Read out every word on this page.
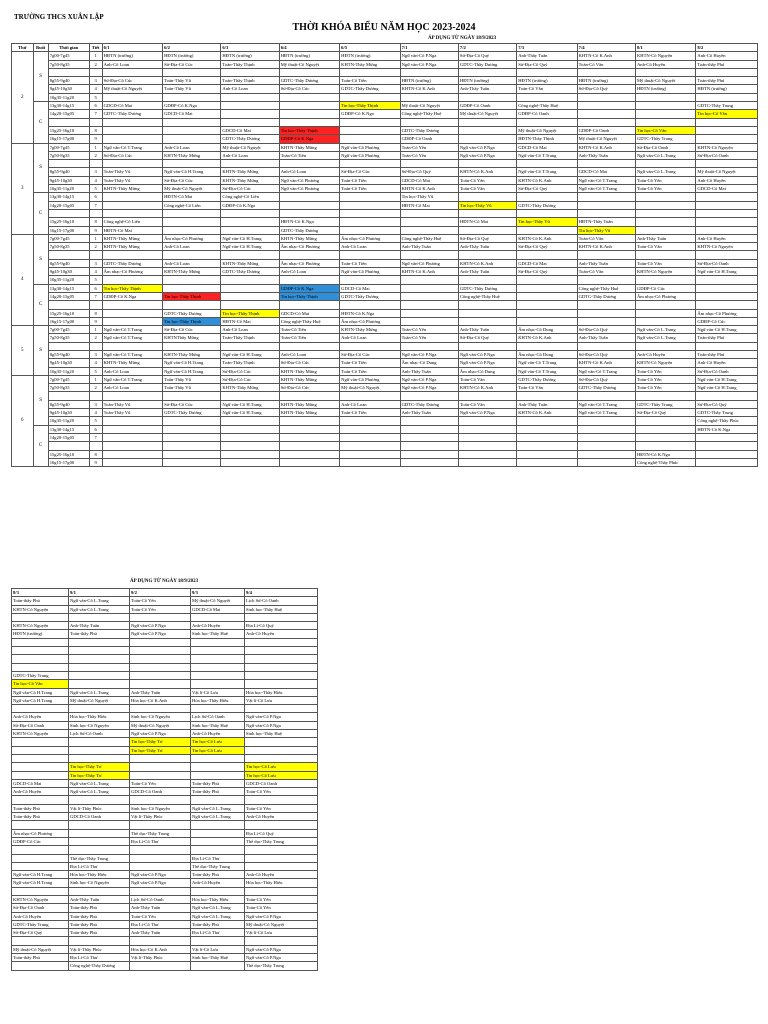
TRƯỜNG THCS XUÂN LẬP
THỜI KHÓA BIỂU NĂM HỌC 2023-2024
ÁP DỤNG TỪ NGÀY 18/9/2023
ÁP DỤNG TỪ NGÀY 18/9/2023
Thứ	Buổi	Thời gian	Tiết	6/1	6/2	6/3	6/4	6/5	7/1	7/2	7/3	7/4	8/1	8/2
2	S	7g00-7g45	1	HĐTN (trường)	HĐTN (trường)	HĐTN (trường)	HĐTN (trường)	HĐTN (trường)	Ngữ văn-Cô P.Nga	Sử-Địa-Cô Quý	Anh-Thầy Tuấn	KHTN-Cô K.Anh	KHTN-Cô Nguyện	Anh-Cô Huyền
		7g50-8g35	2	Anh-Cô Loan	Sử-Địa-Cô Cúc	Toán-Thầy Thịnh	Mỹ thuật-Cô Nguyệt	KHTN-Thầy Mừng	Ngữ văn-Cô P.Nga	GDTC-Thầy Dương	Sử-Địa-Cô Quý	Toán-Cô Vân	Anh-Cô Huyền	Toán-thầy Phú

		8g55-9g40	3	Sử-Địa-Cô Cúc	Toán-Thầy Vũ	Toán-Thầy Thịnh	GDTC-Thầy Dương	Toán-Cô Tiên	HĐTN (trường)	HĐTN (trường)	HĐTN (trường)	HĐTN (trường)	Mỹ thuật-Cô Nguyệt	Toán-thầy Phú
		9g45-10g30	4	Mỹ thuật-Cô Nguyệt	Toán-Thầy Vũ	Anh-Cô Loan	Sử-Địa-Cô Cúc	GDTC-Thầy Dương	KHTN-Cô K.Anh	Anh-Thầy Tuấn	Toán-Cô Vân	Sử-Địa-Cô Quý	HĐTN (trường)	HĐTN (trường)
		10g35-11g20	5											
	C	13g30-14g15	6	GDCD-Cô Mai	GDĐP-Cô K.Nga			Tin học-Thầy Thịnh	Mỹ thuật-Cô Nguyệt	GDĐP-Cô Oanh	Công nghệ-Thầy Huệ			GDTC-Thầy Trung
		14g20-15g05	7	GDTC-Thầy Dương	GDCD-Cô Mai			GDĐP-Cô K.Nga	Công nghệ-Thầy Huệ	Mỹ thuật-Cô Nguyệt	GDĐP-Cô Oanh			Tin học-Cô Vân

		15g25-16g10	8			GDCD-Cô Mai	Tin học-Thầy Thịnh		GDTC-Thầy Dương		Mỹ thuật-Cô Nguyệt	GDĐP-Cô Oanh	Tin học-Cô Vân	
		16g15-17g00	9			GDTC-Thầy Dương	GDĐP-Cô K.Nga		GDĐP-Cô Oanh		HĐTN-Thầy Thịnh	Mỹ thuật-Cô Nguyệt	GDTC-Thầy Trung	
3	S	7g00-7g45	1	Ngữ văn-Cô T.Trang	Anh-Cô Loan	Mỹ thuật-Cô Nguyệt	KHTN-Thầy Mừng	Ngữ văn-Cô Phương	Toán-Cô Yến	Ngữ văn-Cô P.Nga	GDCD-Cô Mai	KHTN-Cô K.Anh	Sử-Địa-Cô Oanh	KHTN-Cô Nguyện
		7g50-8g35	2	Sử-Địa-Cô Cúc	KHTN-Thầy Mừng	Anh-Cô Loan	Toán-Cô Tiên	Ngữ văn-Cô Phương	Toán-Cô Yến	Ngữ văn-Cô P.Nga	Ngữ văn-Cô T.Trang	Anh-Thầy Tuấn	Ngữ văn-Cô L.Trang	Sử-Địa-Cô Oanh

		8g55-9g40	3	Toán-Thầy Vũ	Ngữ văn-Cô H.Trang	KHTN-Thầy Mừng	Anh-Cô Loan	Sử-Địa-Cô Cúc	Sử-Địa-Cô Quý	KHTN-Cô K.Anh	Ngữ văn-Cô T.Trang	GDCD-Cô Mai	Ngữ văn-Cô L.Trang	Mỹ thuật-Cô Nguyệt
		9g45-10g30	4	Toán-Thầy Vũ	Sử-Địa-Cô Cúc	KHTN-Thầy Mừng	Ngữ văn-Cô Phương	Toán-Cô Tiên	GDCD-Cô Mai	Toán-Cô Yến	KHTN-Cô K.Anh	Ngữ văn-Cô T.Trang	Toán-Cô Yến	Anh-Cô Huyền
		10g35-11g20	5	KHTN-Thầy Mừng	Mỹ thuật-Cô Nguyệt	Sử-Địa-Cô Cúc	Ngữ văn-Cô Phương	Toán-Cô Tiên	KHTN-Cô K.Anh	Toán-Cô Vân	Sử-Địa-Cô Quý	Ngữ văn-Cô T.Trang	Toán-Cô Yến	GDCD-Cô Mai
	C	13g30-14g15	6		HĐTN-Cô Mai	Công nghệ-Cô Liên			Tin học-Thầy Vũ					
		14g20-15g05	7		Công nghệ-Cô Liên	GDĐP-Cô K.Nga			HĐTN-Cô Mai	Tin học-Thầy Vũ	GDTC-Thầy Dương			

		15g25-16g10	8	Công nghệ-Cô Liên			HĐTN-Cô K.Nga			HĐTN-Cô Mai	Tin học-Thầy Vũ	HĐTN-Thầy Tuấn		
		16g15-17g00	9	HĐTN-Cô Mai			GDTC-Thầy Dương					Tin học-Thầy Vũ		
4	S	7g00-7g45	1	KHTN-Thầy Mừng	Âm nhạc-Cô Phương	Ngữ văn-Cô H.Trang	KHTN-Thầy Mừng	Âm nhạc-Cô Phương	Công nghệ-Thầy Huệ	Sử-Địa-Cô Quý	KHTN-Cô K.Anh	Toán-Cô Vân	Anh-Thầy Tuấn	Anh-Cô Huyền
		7g50-8g35	2	KHTN-Thầy Mừng	Anh-Cô Loan	Ngữ văn-Cô H.Trang	Âm nhạc-Cô Phương	Anh-Cô Loan	Anh-Thầy Tuấn	Anh-Thầy Tuấn	Sử-Địa-Cô Quý	KHTN-Cô K.Anh	Toán-Cô Vân	KHTN-Cô Nguyện

		8g55-9g40	3	GDTC-Thầy Dương	Anh-Cô Loan	KHTN-Thầy Mừng	Âm nhạc-Cô Phương	Toán-Cô Tiên	Ngữ văn-Cô Phương	KHTN-Cô K.Anh	GDCD-Cô Mai	Anh-Thầy Tuấn	Toán-Cô Vân	Sử-Địa-Cô Oanh
		9g45-10g30	4	Âm nhạc-Cô Phương	KHTN-Thầy Mừng	GDTC-Thầy Dương	Anh-Cô Loan	Ngữ văn-Cô Phương	KHTN-Cô K.Anh	Anh-Thầy Tuấn	Sử-Địa-Cô Quý	Toán-Cô Vân	KHTN-Cô Nguyện	Ngữ văn-Cô H.Trang
		10g35-11g20	5											
	C	13g30-14g15	6	Tin học-Thầy Thịnh			GDĐP-Cô K.Nga	GDCD-Cô Mai		GDTC-Thầy Dương		Công nghệ-Thầy Huệ	GDĐP-Cô Cúc	
		14g20-15g05	7	GDĐP-Cô K.Nga	Tin học-Thầy Thịnh		Tin học-Thầy Thịnh	GDTC-Thầy Dương		Công nghệ-Thầy Huệ		GDTC-Thầy Dương	Âm nhạc-Cô Phương	

		15g25-16g10	8		GDTC-Thầy Dương	Tin học-Thầy Thịnh	GDCD-Cô Mai	HĐTN-Cô K.Nga						Âm nhạc-Cô Phương
		16g15-17g00	9		Tin học-Thầy Thịnh	HĐTN-Cô Mai	Công nghệ-Thầy Huệ	Âm nhạc-Cô Phương						GDĐP-Cô Cúc
5	S	7g00-7g45	1	Ngữ văn-Cô T.Trang	Sử-Địa-Cô Cúc	Anh-Cô Loan	Toán-Cô Tiên	KHTN-Thầy Mừng	Toán-Cô Yến	Anh-Thầy Tuấn	Âm nhạc-Cô Dung	Sử-Địa-Cô Quý	Ngữ văn-Cô L.Trang	Ngữ văn-Cô H.Trang
		7g50-8g35	2	Ngữ văn-Cô T.Trang	KHTNThầy Mừng	Toán-Thầy Thịnh	Toán-Cô Tiên	Anh-Cô Loan	Toán-Cô Yến	Sử-Địa-Cô Quý	KHTN-Cô K.Anh	Anh-Thầy Tuấn	Ngữ văn-Cô L.Trang	Toán-thầy Phú

		8g55-9g40	3	Ngữ văn-Cô T.Trang	KHTN-Thầy Mừng	Ngữ văn-Cô H.Trang	Anh-Cô Loan	Sử-Địa-Cô Cúc	Ngữ văn-Cô P.Nga	Ngữ văn-Cô P.Nga	Âm nhạc-Cô Dung	Sử-Địa-Cô Quý	Anh-Cô Huyền	Toán-thầy Phú
		9g45-10g30	4	KHTN-Thầy Mừng	Ngữ văn-Cô H.Trang	Toán-Thầy Thịnh	Sử-Địa-Cô Cúc	Toán-Cô Tiên	Âm nhạc-Cô Dung	Ngữ văn-Cô P.Nga	Ngữ văn-Cô T.Trang	KHTN-Cô K.Anh	KHTN-Cô Nguyện	Anh-Cô Huyền
		10g35-11g20	5	Anh-Cô Loan	Ngữ văn-Cô H.Trang	Sử-Địa-Cô Cúc	KHTN-Thầy Mừng	Toán-Cô Tiên	Anh-Thầy Tuấn	Âm nhạc-Cô Dung	Ngữ văn-Cô T.Trang	Ngữ văn-Cô T.Trang	Toán-Cô Yến	Sử-Địa-Cô Oanh
6	S	7g00-7g45	1	Ngữ văn-Cô T.Trang	Toán-Thầy Vũ	Sử-Địa-Cô Cúc	KHTN-Thầy Mừng	Ngữ văn-Cô Phương	Ngữ văn-Cô P.Nga	Toán-Cô Vân	GDTC-Thầy Dương	Sử-Địa-Cô Quý	Toán-Cô Yến	Ngữ văn-Cô H.Trang
		7g50-8g35	2	Anh-Cô Loan	Toán-Thầy Vũ	KHTN-Thầy Mừng	Sử-Địa-Cô Cúc	Mỹ thuật-Cô Nguyệt	Ngữ văn-Cô P.Nga	KHTN-Cô K.Anh	Toán-Cô Vân	GDTC-Thầy Dương	Toán-Cô Yến	Ngữ văn-Cô H.Trang

		8g55-9g40	3	Toán-Thầy Vũ	Sử-Địa-Cô Cúc	Ngữ văn-Cô H.Trang	KHTN-Thầy Mừng	Anh-Cô Loan	GDTC-Thầy Dương	Toán-Cô Vân	Anh-Thầy Tuấn	Ngữ văn-Cô T.Trang	GDTC-Thầy Trung	Sử-Địa-Cô Quý
		9g45-10g30	4	Toán-Thầy Vũ	GDTC-Thầy Dương	Ngữ văn-Cô H.Trang	KHTN-Thầy Mừng	Toán-Cô Tiên	Anh-Thầy Tuấn	Ngữ văn-Cô P.Nga	KHTN-Cô K.Anh	Ngữ văn-Cô T.Trang	Sử-Địa-Cô Quý	GDTC-Thầy Trung
		10g35-11g20	5											Công nghệ-Thầy Phúc
	C	13g30-14g15	6											HĐTN-Cô K.Nga
		14g20-15g05	7											

		15g25-16g10	8										HĐTN-Cô K.Nga	
		16g15-17g00	9										Công nghệ-Thầy Phúc	
8/3	9/1	9/2	9/3	9/4
Toán-thầy Phú	Ngữ văn-Cô L.Trang	Toán-Cô Yến	Mỹ thuật-Cô Nguyệt	Lịch Sử-Cô Oanh
KHTN-Cô Nguyện	Ngữ văn-Cô L.Trang	Toán-Cô Yến	GDCD-Cô Mai	Sinh học-Thầy Huệ

KHTN-Cô Nguyện	Anh-Thầy Tuấn	Ngữ văn-Cô P.Nga	Anh-Cô Huyền	Địa Lí-Cô Quý
HĐTN (trường)	Toán-thầy Phú	Ngữ văn-Cô P.Nga	Sinh học-Thầy Huệ	Anh-Cô Huyền

GDTC-Thầy Trung				
Tin học-Cô Vân				
Ngữ văn-Cô H.Trang	Ngữ văn-Cô L.Trang	Anh-Thầy Tuấn	Vật lí-Cô Lưu	Hóa học-Thầy Hiếu
Ngữ văn-Cô H.Trang	Mỹ thuật-Cô Nguyệt	Hóa học-Cô K.Anh	Hóa học-Thầy Hiếu	Vật lí-Cô Lưu

Anh-Cô Huyền	Hóa học-Thầy Hiếu	Sinh học-Cô Nguyện	Lịch Sử-Cô Oanh	Ngữ văn-Cô P.Nga
Sử-Địa-Cô Oanh	Sinh học-Cô Nguyện	Mỹ thuật-Cô Nguyệt	Sinh học-Thầy Huệ	Ngữ văn-Cô P.Nga
KHTN-Cô Nguyện	Lịch Sử-Cô Oanh	Ngữ văn-Cô P.Nga	Anh-Cô Huyền	Sinh học-Thầy Huệ
		Tin học-Thầy Trí	Tin học-Cô Lưu	
		Tin học-Thầy Trí	Tin học-Cô Lưu	

	Tin học-Thầy Trí			Tin học-Cô Lưu
	Tin học-Thầy Trí			Tin học-Cô Lưu
GDCD-Cô Mai	Ngữ văn-Cô L.Trang	Toán-Cô Yến	Toán-thầy Phú	GDCD-Cô Oanh
Anh-Cô Huyền	Ngữ văn-Cô L.Trang	GDCD-Cô Oanh	Toán-thầy Phú	Toán-Cô Yến

Toán-thầy Phú	Vật lí-Thầy Phúc	Sinh học-Cô Nguyện	Ngữ văn-Cô L.Trang	Toán-Cô Yến
Toán-thầy Phú	GDCD-Cô Oanh	Vật lí-Thầy Phúc	Ngữ văn-Cô L.Trang	Anh-Cô Huyền

Âm nhạc-Cô Phương		Thể dục-Thầy Trung		Địa Lí-Cô Quý
GDĐP-Cô Cúc		Địa Lí-Cô Thư		Thể dục-Thầy Trung

	Thể dục-Thầy Trung		Địa Lí-Cô Thư	
	Địa Lí-Cô Thư		Thể dục-Thầy Trung	
Ngữ văn-Cô H.Trang	Hóa học-Thầy Hiếu	Ngữ văn-Cô P.Nga	Toán-thầy Phú	Anh-Cô Huyền
Ngữ văn-Cô H.Trang	Sinh học-Cô Nguyện	Ngữ văn-Cô P.Nga	Anh-Cô Huyền	Hóa học-Thầy Hiếu

KHTN-Cô Nguyện	Anh-Thầy Tuấn	Lịch Sử-Cô Oanh	Hóa học-Thầy Hiếu	Toán-Cô Yến
Sử-Địa-Cô Oanh	Toán-thầy Phú	Anh-Thầy Tuấn	Ngữ văn-Cô L.Trang	Toán-Cô Yến
Anh-Cô Huyền	Toán-thầy Phú	Toán-Cô Yến	Ngữ văn-Cô L.Trang	Ngữ văn-Cô P.Nga
GDTC-Thầy Trung	Toán-thầy Phú	Địa Lí-Cô Thư	Toán-thầy Phú	Mỹ thuật-Cô Nguyệt
Sử-Địa-Cô Quý	Toán-thầy Phú	Anh-Thầy Tuấn	Địa Lí-Cô Thư	Vật lí-Cô Lưu

Mỹ thuật-Cô Nguyệt	Vật lí-Thầy Phúc	Hóa học-Cô K.Anh	Vật lí-Cô Lưu	Ngữ văn-Cô P.Nga
Toán-thầy Phú	Địa Lí-Cô Thư	Vật lí-Thầy Phúc	Sinh học-Thầy Huệ	Ngữ văn-Cô P.Nga
	Công nghệ-Thầy Dương			Thể dục-Thầy Trung
